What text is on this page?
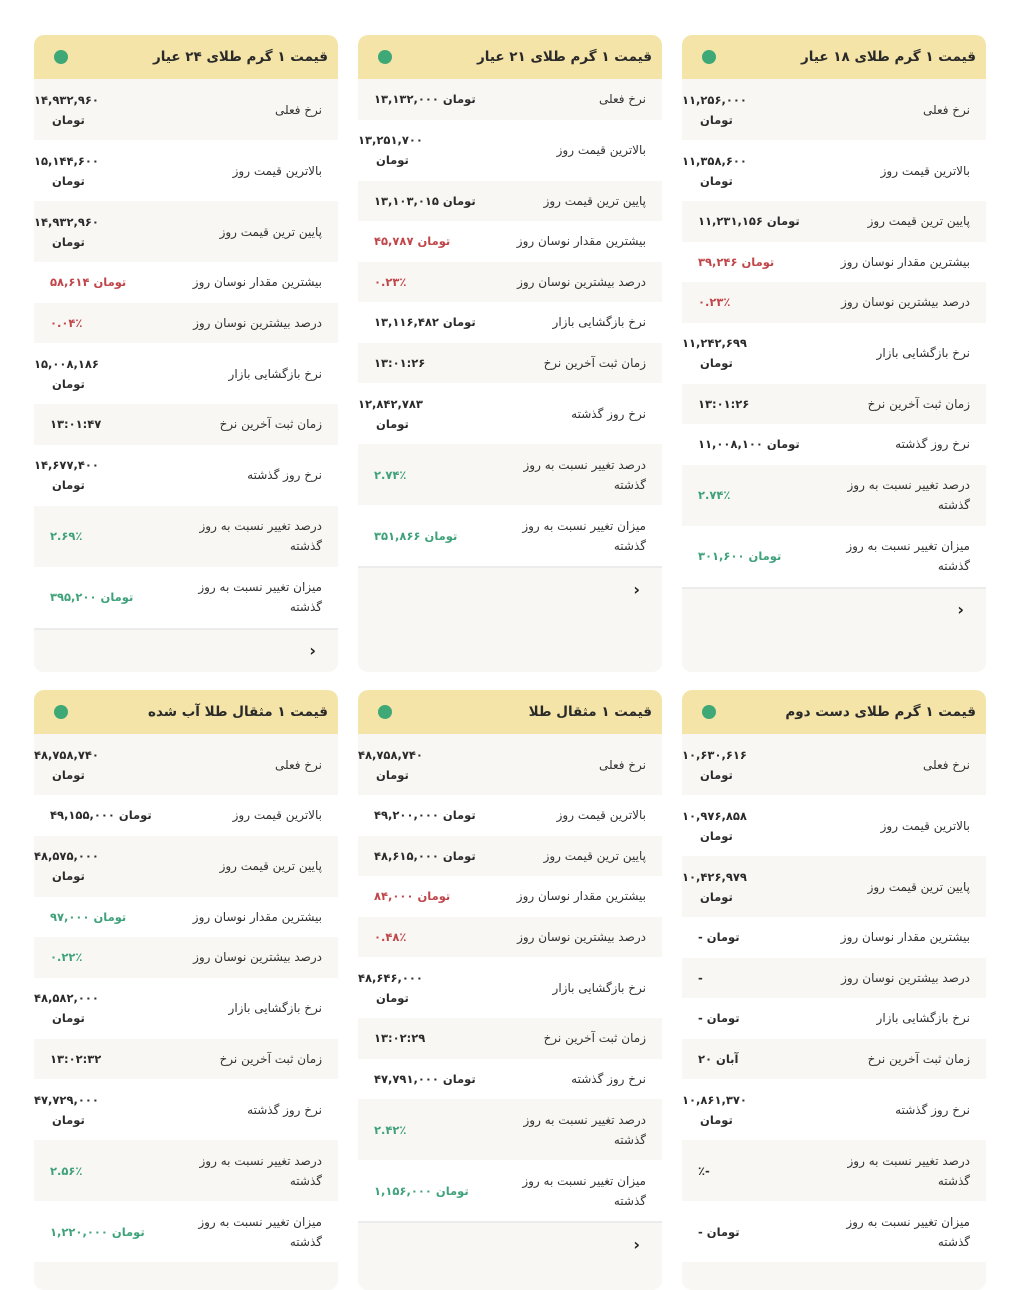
قیمت ۱ گرم طلای ۱۸ عیار
نرخ فعلی
۱۱,۲۵۶,۰۰۰
تومان
بالاترین قیمت روز
۱۱,۳۵۸,۶۰۰
تومان
پایین ترین قیمت روز
۱۱,۲۳۱,۱۵۶ تومان
بیشترین مقدار نوسان روز
۳۹,۲۴۶ تومان
درصد بیشترین نوسان روز
۰.۲۳٪
نرخ بازگشایی بازار
۱۱,۲۴۲,۶۹۹
تومان
زمان ثبت آخرین نرخ
۱۳:۰۱:۲۶
نرخ روز گذشته
۱۱,۰۰۸,۱۰۰ تومان
درصد تغییر نسبت به روز گذشته
۲.۷۴٪
میزان تغییر نسبت به روز گذشته
۳۰۱,۶۰۰ تومان
‹
قیمت ۱ گرم طلای ۲۱ عیار
نرخ فعلی
۱۳,۱۳۲,۰۰۰ تومان
بالاترین قیمت روز
۱۳,۲۵۱,۷۰۰
تومان
پایین ترین قیمت روز
۱۳,۱۰۳,۰۱۵ تومان
بیشترین مقدار نوسان روز
۴۵,۷۸۷ تومان
درصد بیشترین نوسان روز
۰.۲۳٪
نرخ بازگشایی بازار
۱۳,۱۱۶,۴۸۲ تومان
زمان ثبت آخرین نرخ
۱۳:۰۱:۲۶
نرخ روز گذشته
۱۲,۸۴۲,۷۸۳
تومان
درصد تغییر نسبت به روز گذشته
۲.۷۴٪
میزان تغییر نسبت به روز گذشته
۳۵۱,۸۶۶ تومان
‹
قیمت ۱ گرم طلای ۲۴ عیار
نرخ فعلی
۱۴,۹۳۲,۹۶۰
تومان
بالاترین قیمت روز
۱۵,۱۴۴,۶۰۰
تومان
پایین ترین قیمت روز
۱۴,۹۳۲,۹۶۰
تومان
بیشترین مقدار نوسان روز
۵۸,۶۱۴ تومان
درصد بیشترین نوسان روز
۰.۰۴٪
نرخ بازگشایی بازار
۱۵,۰۰۸,۱۸۶
تومان
زمان ثبت آخرین نرخ
۱۳:۰۱:۴۷
نرخ روز گذشته
۱۴,۶۷۷,۴۰۰
تومان
درصد تغییر نسبت به روز گذشته
۲.۶۹٪
میزان تغییر نسبت به روز گذشته
۳۹۵,۲۰۰ تومان
‹
قیمت ۱ گرم طلای دست دوم
نرخ فعلی
۱۰,۶۳۰,۶۱۶
تومان
بالاترین قیمت روز
۱۰,۹۷۶,۸۵۸
تومان
پایین ترین قیمت روز
۱۰,۴۲۶,۹۷۹
تومان
بیشترین مقدار نوسان روز
- تومان
درصد بیشترین نوسان روز
-
نرخ بازگشایی بازار
- تومان
زمان ثبت آخرین نرخ
۲۰ آبان
نرخ روز گذشته
۱۰,۸۶۱,۳۷۰
تومان
درصد تغییر نسبت به روز گذشته
٪-
میزان تغییر نسبت به روز گذشته
- تومان
قیمت ۱ مثقال طلا
نرخ فعلی
۴۸,۷۵۸,۷۴۰
تومان
بالاترین قیمت روز
۴۹,۲۰۰,۰۰۰ تومان
پایین ترین قیمت روز
۴۸,۶۱۵,۰۰۰ تومان
بیشترین مقدار نوسان روز
۸۴,۰۰۰ تومان
درصد بیشترین نوسان روز
۰.۴۸٪
نرخ بازگشایی بازار
۴۸,۶۴۶,۰۰۰
تومان
زمان ثبت آخرین نرخ
۱۳:۰۲:۲۹
نرخ روز گذشته
۴۷,۷۹۱,۰۰۰ تومان
درصد تغییر نسبت به روز گذشته
۲.۴۲٪
میزان تغییر نسبت به روز گذشته
۱,۱۵۶,۰۰۰ تومان
‹
قیمت ۱ مثقال طلا آب شده
نرخ فعلی
۴۸,۷۵۸,۷۴۰
تومان
بالاترین قیمت روز
۴۹,۱۵۵,۰۰۰ تومان
پایین ترین قیمت روز
۴۸,۵۷۵,۰۰۰
تومان
بیشترین مقدار نوسان روز
۹۷,۰۰۰ تومان
درصد بیشترین نوسان روز
۰.۲۲٪
نرخ بازگشایی بازار
۴۸,۵۸۲,۰۰۰
تومان
زمان ثبت آخرین نرخ
۱۳:۰۲:۳۲
نرخ روز گذشته
۴۷,۷۲۹,۰۰۰
تومان
درصد تغییر نسبت به روز گذشته
۲.۵۶٪
میزان تغییر نسبت به روز گذشته
۱,۲۲۰,۰۰۰ تومان
